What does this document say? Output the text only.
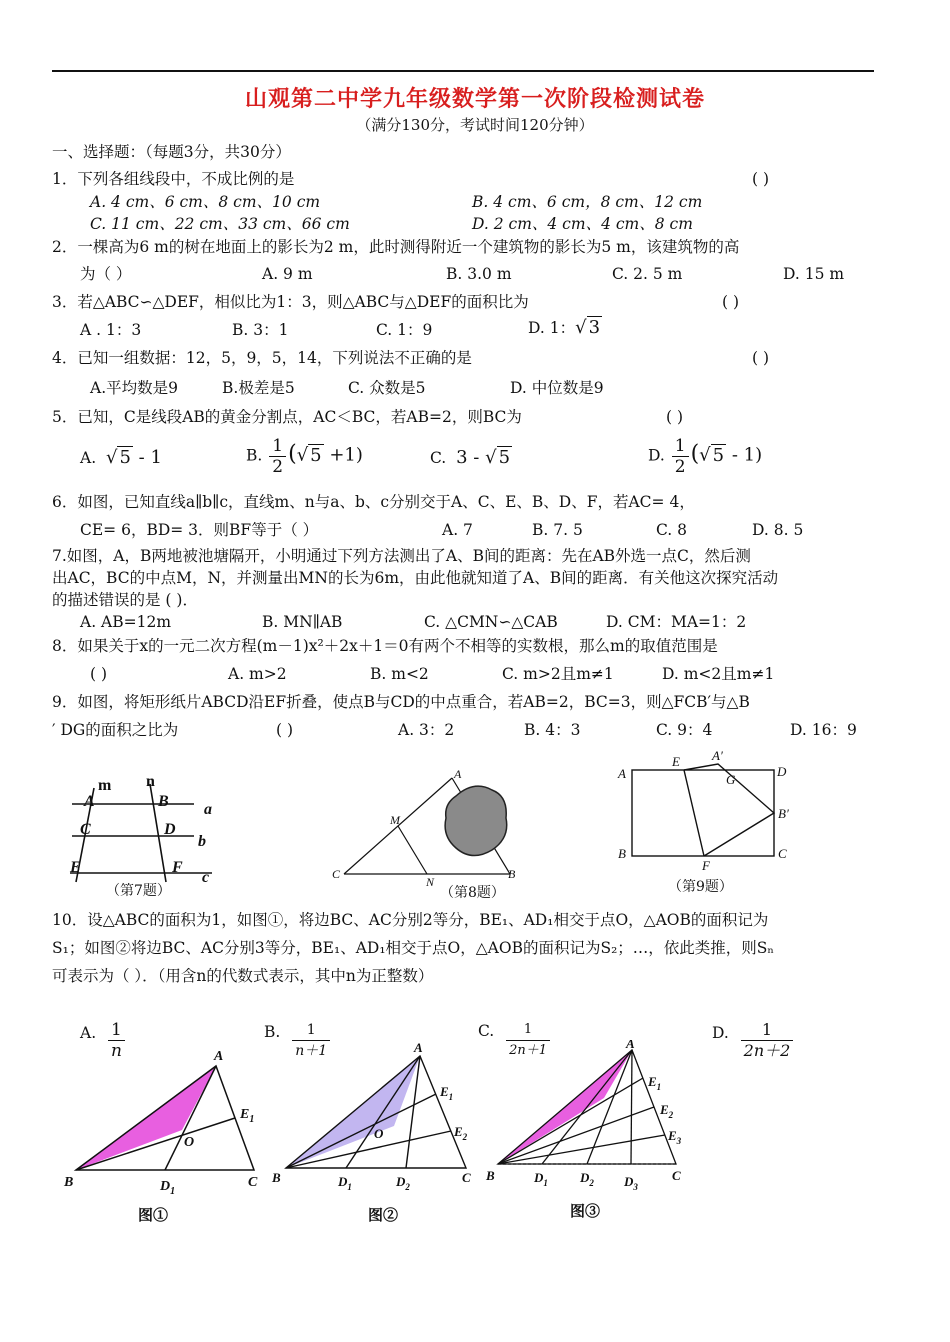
山观第二中学九年级数学第一次阶段检测试卷
（满分130分，考试时间120分钟）
一、选择题：（每题3分，共30分）
1．下列各组线段中，不成比例的是	( )
A. 4 cm、6 cm、8 cm、10 cm	B. 4 cm、6 cm，8 cm、12 cm
C. 11 cm、22 cm、33 cm、66 cm	D. 2 cm、4 cm、4 cm、8 cm
2．一棵高为6 m的树在地面上的影长为2 m，此时测得附近一个建筑物的影长为5 m，该建筑物的高
为（ ）	A. 9 m	B. 3.0 m	C. 2. 5 m	D. 15 m
3．若△ABC∽△DEF，相似比为1：3，则△ABC与△DEF的面积比为	( )
A . 1：3	B. 3：1	C. 1：9	D. 1：√ 3
4．已知一组数据：12，5，9，5，14，下列说法不正确的是	( )
A.平均数是9	B.极差是5	C. 众数是5	D. 中位数是9
5．已知，C是线段AB的黄金分割点，AC＜BC，若AB=2，则BC为	( )
A. √ 5 - 1	B. $\frac{1}{2}$ (√ 5 +1)	C. 3 - √ 5	D. $\frac{1}{2}$ (√ 5 - 1)
6．如图，已知直线a∥b∥c，直线m、n与a、b、c分别交于A、C、E、B、D、F，若AC= 4，
CE= 6，BD= 3．则BF等于（ ）	A. 7	B. 7. 5	C. 8	D. 8. 5
7.如图，A，B两地被池塘隔开，小明通过下列方法测出了A、B间的距离：先在AB外选一点C，然后测
出AC，BC的中点M，N，并测量出MN的长为6m，由此他就知道了A、B间的距离．有关他这次探究活动
的描述错误的是 ( )．
A. AB=12m	B. MN∥AB	C. △CMN∽△CAB	D. CM：MA=1：2
8．如果关于x的一元二次方程(m－1)x²＋2x＋1＝0有两个不相等的实数根，那么m的取值范围是
( )	A. m>2	B. m<2	C. m>2且m≠1	D. m<2且m≠1
9．如图，将矩形纸片ABCD沿EF折叠，使点B与CD的中点重合，若AB=2，BC=3，则△FCB′与△B
′ DG的面积之比为	( )	A. 3：2	B. 4：3	C. 9：4	D. 16：9
A	B
C	D
E	F
m n
a
b
c
（第7题）
A
B
C
M
N
（第8题）
A
B	C
D
E
F
G
A′
B′
（第9题）
10．设△ABC的面积为1，如图①，将边BC、AC分别2等分，BE₁、AD₁相交于点O，△AOB的面积记为
S₁；如图②将边BC、AC分别3等分，BE₁、AD₁相交于点O，△AOB的面积记为S₂；…，依此类推，则Sₙ
可表示为（ ）．（用含n的代数式表示，其中n为正整数）
A. $\frac{1}{n}$	B. $\frac{1}{n+1}$	C. $\frac{1}{2n+1}$	D. $\frac{1}{2n+2}$
A
B	C
$D_1$
$E_1$
O
图①
A
B	C
$D_1$	$D_2$
$E_1$
$E_2$
O
图②
A
B	C
$D_1$ $D_2$ $D_3$
$E_1$
$E_2$
$E_3$
图③
